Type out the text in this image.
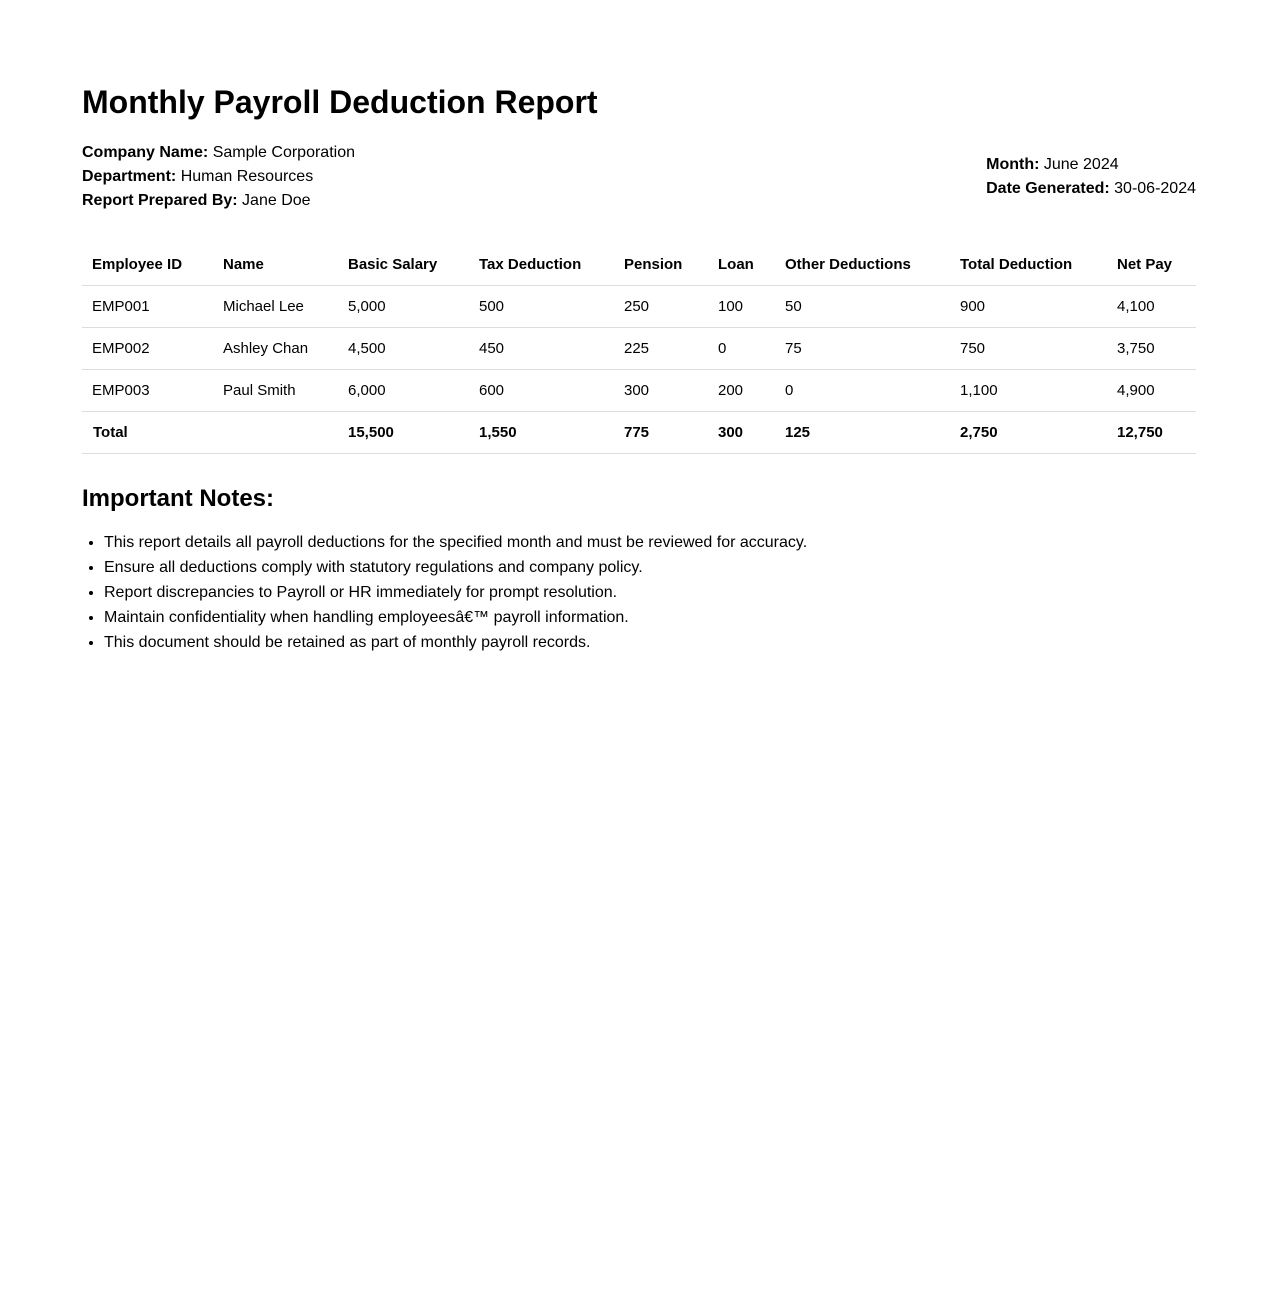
Monthly Payroll Deduction Report
Company Name: Sample Corporation
Department: Human Resources
Report Prepared By: Jane Doe
Month: June 2024
Date Generated: 30-06-2024
Employee ID	Name	Basic Salary	Tax Deduction	Pension	Loan	Other Deductions	Total Deduction	Net Pay
EMP001	Michael Lee	5,000	500	250	100	50	900	4,100
EMP002	Ashley Chan	4,500	450	225	0	75	750	3,750
EMP003	Paul Smith	6,000	600	300	200	0	1,100	4,900
Total		15,500	1,550	775	300	125	2,750	12,750
Important Notes:
• This report details all payroll deductions for the specified month and must be reviewed for accuracy.
• Ensure all deductions comply with statutory regulations and company policy.
• Report discrepancies to Payroll or HR immediately for prompt resolution.
• Maintain confidentiality when handling employeesâ€™ payroll information.
• This document should be retained as part of monthly payroll records.
